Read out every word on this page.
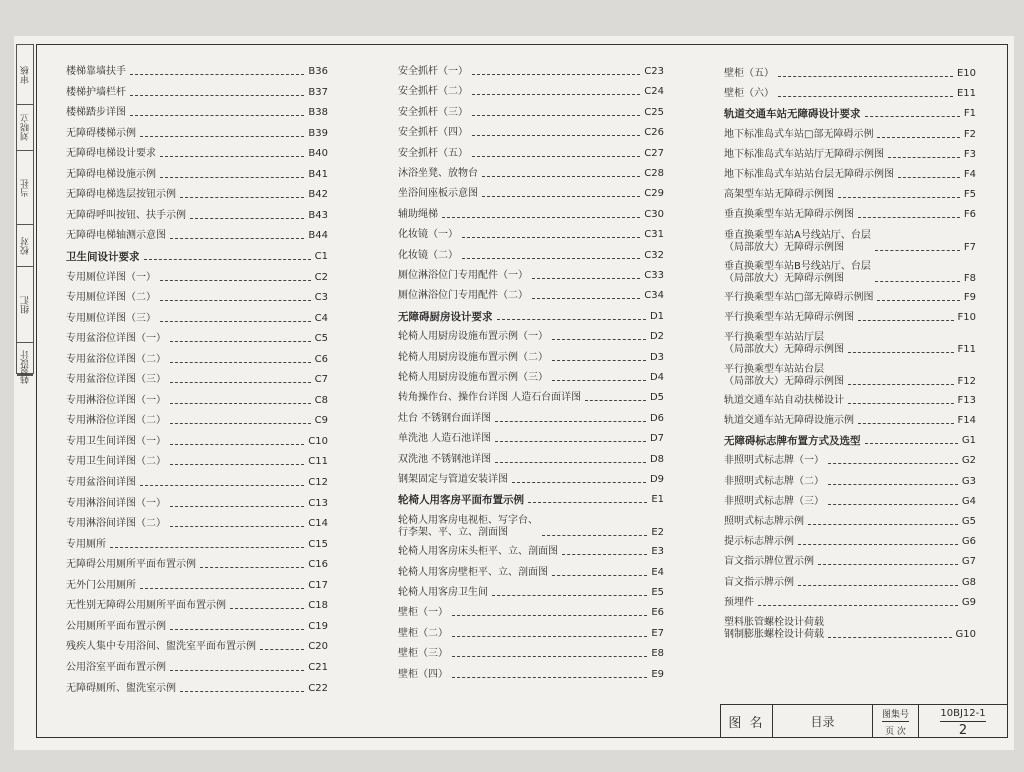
审核
刘晓立
当社
校对
组汇
设计
韩翠
楼梯靠墙扶手	B36
楼梯护墙栏杆	B37
楼梯踏步详图	B38
无障碍楼梯示例	B39
无障碍电梯设计要求	B40
无障碍电梯设施示例	B41
无障碍电梯选层按钮示例	B42
无障碍呼叫按钮、扶手示例	B43
无障碍电梯轴测示意图	B44
卫生间设计要求	C1
专用厕位详图（一）	C2
专用厕位详图（二）	C3
专用厕位详图（三）	C4
专用盆浴位详图（一）	C5
专用盆浴位详图（二）	C6
专用盆浴位详图（三）	C7
专用淋浴位详图（一）	C8
专用淋浴位详图（二）	C9
专用卫生间详图（一）	C10
专用卫生间详图（二）	C11
专用盆浴间详图	C12
专用淋浴间详图（一）	C13
专用淋浴间详图（二）	C14
专用厕所	C15
无障碍公用厕所平面布置示例	C16
无外门公用厕所	C17
无性别无障碍公用厕所平面布置示例	C18
公用厕所平面布置示例	C19
残疾人集中专用浴间、盥洗室平面布置示例	C20
公用浴室平面布置示例	C21
无障碍厕所、盥洗室示例	C22
安全抓杆（一）	C23
安全抓杆（二）	C24
安全抓杆（三）	C25
安全抓杆（四）	C26
安全抓杆（五）	C27
沐浴坐凳、放物台	C28
坐浴间座板示意图	C29
辅助绳梯	C30
化妆镜（一）	C31
化妆镜（二）	C32
厕位淋浴位门专用配件（一）	C33
厕位淋浴位门专用配件（二）	C34
无障碍厨房设计要求	D1
轮椅人用厨房设施布置示例（一）	D2
轮椅人用厨房设施布置示例（二）	D3
轮椅人用厨房设施布置示例（三）	D4
转角操作台、操作台详图 人造石台面详图	D5
灶台 不锈钢台面详图	D6
单洗池 人造石池详图	D7
双洗池 不锈钢池详图	D8
钢架固定与管道安装详图	D9
轮椅人用客房平面布置示例	E1
轮椅人用客房电视柜、写字台、
行李架、平、立、剖面图	E2
轮椅人用客房床头柜平、立、剖面图	E3
轮椅人用客房壁柜平、立、剖面图	E4
轮椅人用客房卫生间	E5
壁柜（一）	E6
壁柜（二）	E7
壁柜（三）	E8
壁柜（四）	E9
壁柜（五）	E10
壁柜（六）	E11
轨道交通车站无障碍设计要求	F1
地下标准岛式车站□部无障碍示例	F2
地下标准岛式车站站厅无障碍示例图	F3
地下标准岛式车站站台层无障碍示例图	F4
高架型车站无障碍示例图	F5
垂直换乘型车站无障碍示例图	F6
垂直换乘型车站A号线站厅、台层
（局部放大）无障碍示例图	F7
垂直换乘型车站B号线站厅、台层
（局部放大）无障碍示例图	F8
平行换乘型车站□部无障碍示例图	F9
平行换乘型车站无障碍示例图	F10
平行换乘型车站站厅层
（局部放大）无障碍示例图	F11
平行换乘型车站站台层
（局部放大）无障碍示例图	F12
轨道交通车站自动扶梯设计	F13
轨道交通车站无障碍设施示例	F14
无障碍标志牌布置方式及选型	G1
非照明式标志牌（一）	G2
非照明式标志牌（二）	G3
非照明式标志牌（三）	G4
照明式标志牌示例	G5
提示标志牌示例	G6
盲文指示牌位置示例	G7
盲文指示牌示例	G8
预埋件	G9
塑料胀管螺栓设计荷载
钢制膨胀螺栓设计荷载	G10
图 名	目录
图集号
页 次
10BJ12-1
2
